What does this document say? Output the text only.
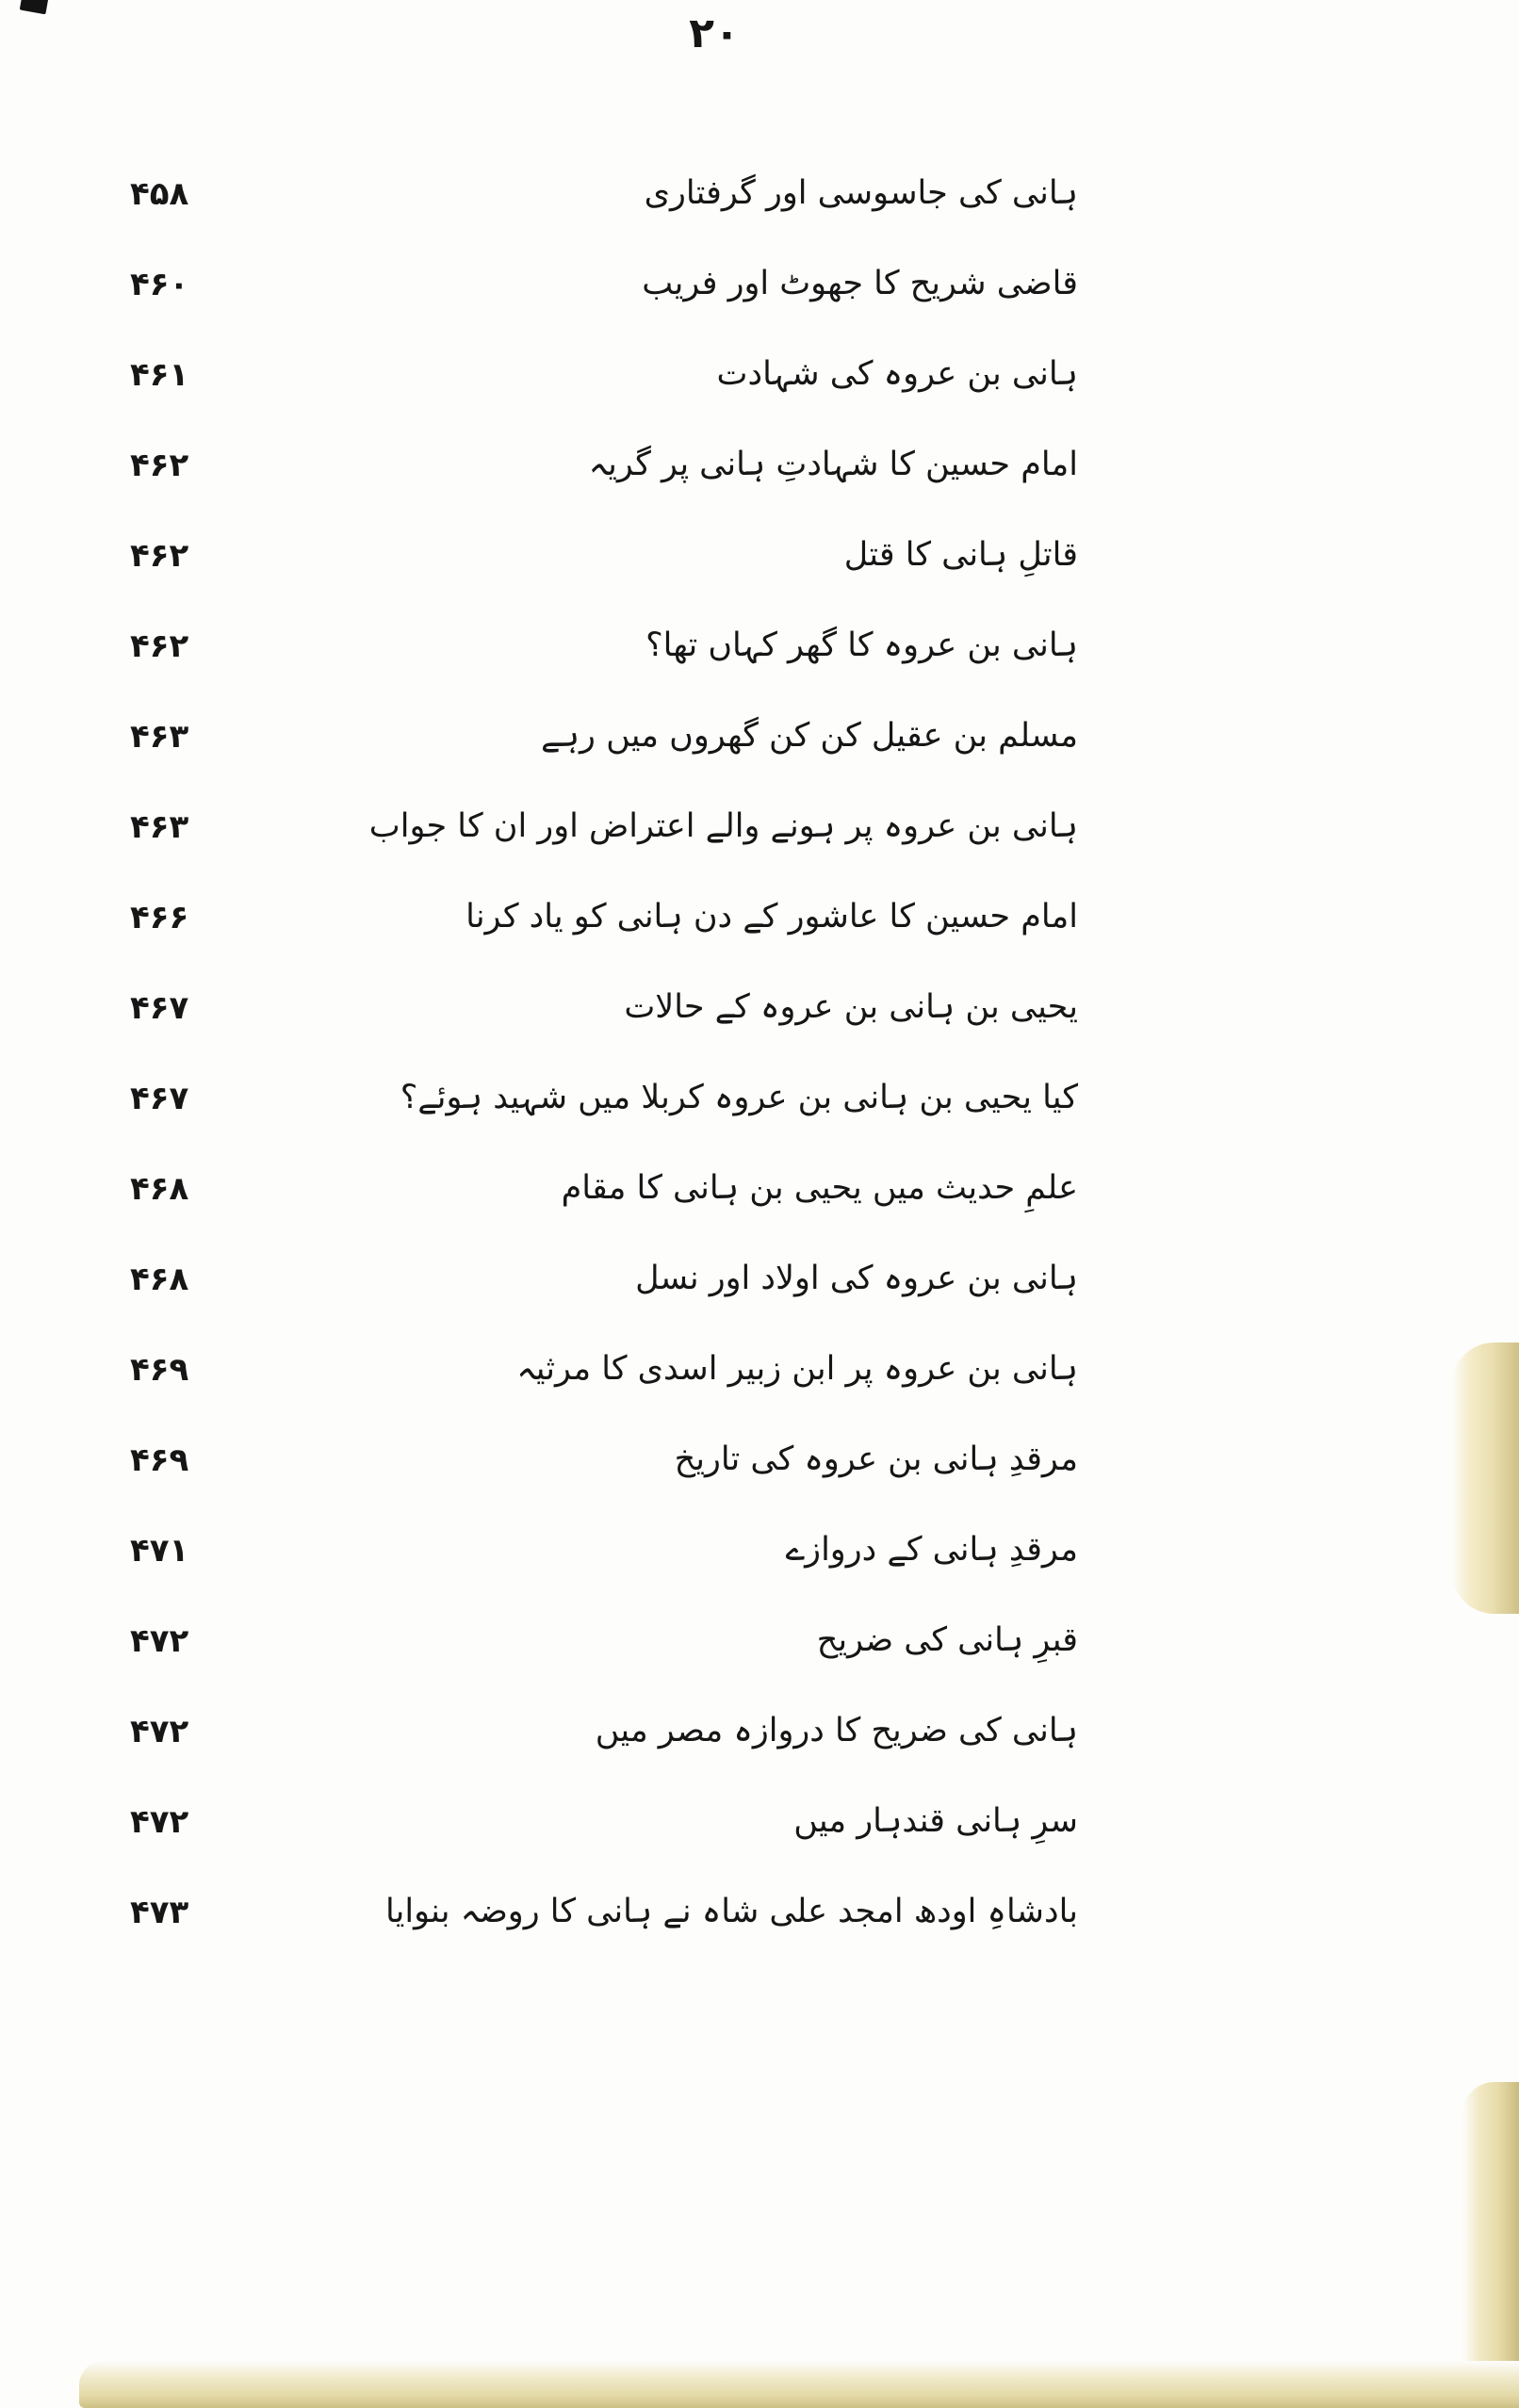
۲۰
۴۵۸	ہانی کی جاسوسی اور گرفتاری
۴۶۰	قاضی شریح کا جھوٹ اور فریب
۴۶۱	ہانی بن عروہ کی شہادت
۴۶۲	امام حسین کا شہادتِ ہانی پر گریہ
۴۶۲	قاتلِ ہانی کا قتل
۴۶۲	ہانی بن عروہ کا گھر کہاں تھا؟
۴۶۳	مسلم بن عقیل کن کن گھروں میں رہے
۴۶۳	ہانی بن عروہ پر ہونے والے اعتراض اور ان کا جواب
۴۶۶	امام حسین کا عاشور کے دن ہانی کو یاد کرنا
۴۶۷	یحیی بن ہانی بن عروہ کے حالات
۴۶۷	کیا یحیی بن ہانی بن عروہ کربلا میں شہید ہوئے؟
۴۶۸	علمِ حدیث میں یحیی بن ہانی کا مقام
۴۶۸	ہانی بن عروہ کی اولاد اور نسل
۴۶۹	ہانی بن عروہ پر ابن زبیر اسدی کا مرثیہ
۴۶۹	مرقدِ ہانی بن عروہ کی تاریخ
۴۷۱	مرقدِ ہانی کے دروازے
۴۷۲	قبرِ ہانی کی ضریح
۴۷۲	ہانی کی ضریح کا دروازہ مصر میں
۴۷۲	سرِ ہانی قندہار میں
۴۷۳	بادشاہِ اودھ امجد علی شاہ نے ہانی کا روضہ بنوایا
